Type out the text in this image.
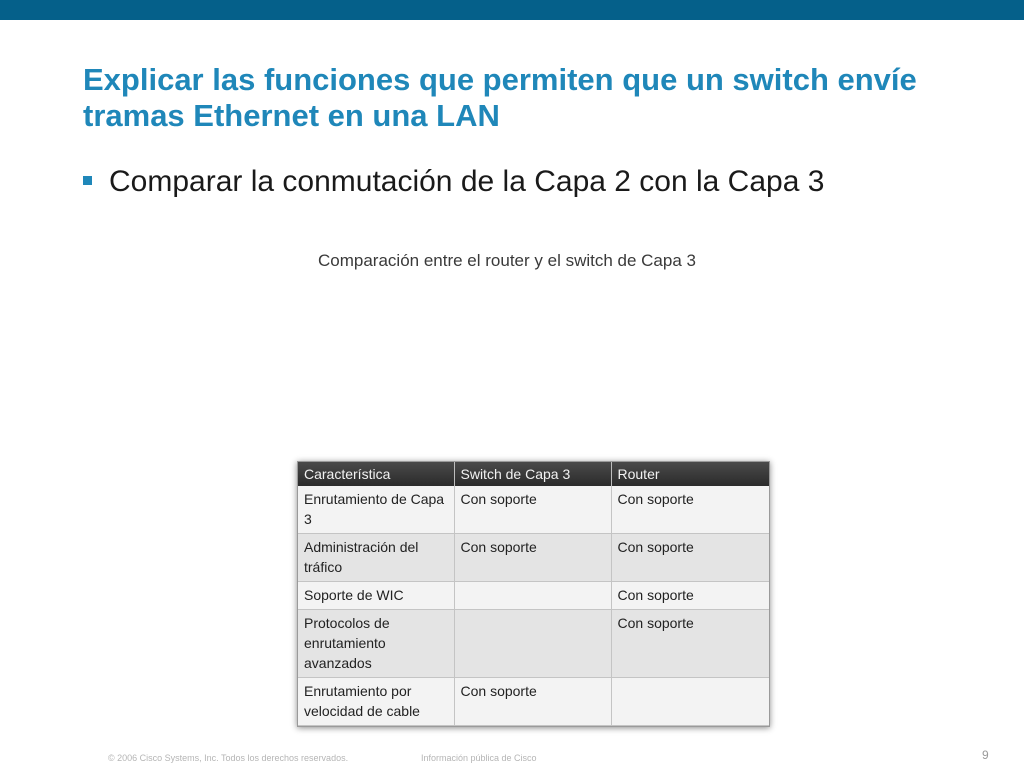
Explicar las funciones que permiten que un switch envíe tramas Ethernet en una LAN
Comparar la conmutación de la Capa 2 con la Capa 3
Comparación entre el router y el switch de Capa 3
Característica	Switch de Capa 3	Router
Enrutamiento de Capa 3	Con soporte	Con soporte
Administración del tráfico	Con soporte	Con soporte
Soporte de WIC		Con soporte
Protocolos de enrutamiento avanzados		Con soporte
Enrutamiento por velocidad de cable	Con soporte	
© 2006 Cisco Systems, Inc. Todos los derechos reservados.	Información pública de Cisco	9
